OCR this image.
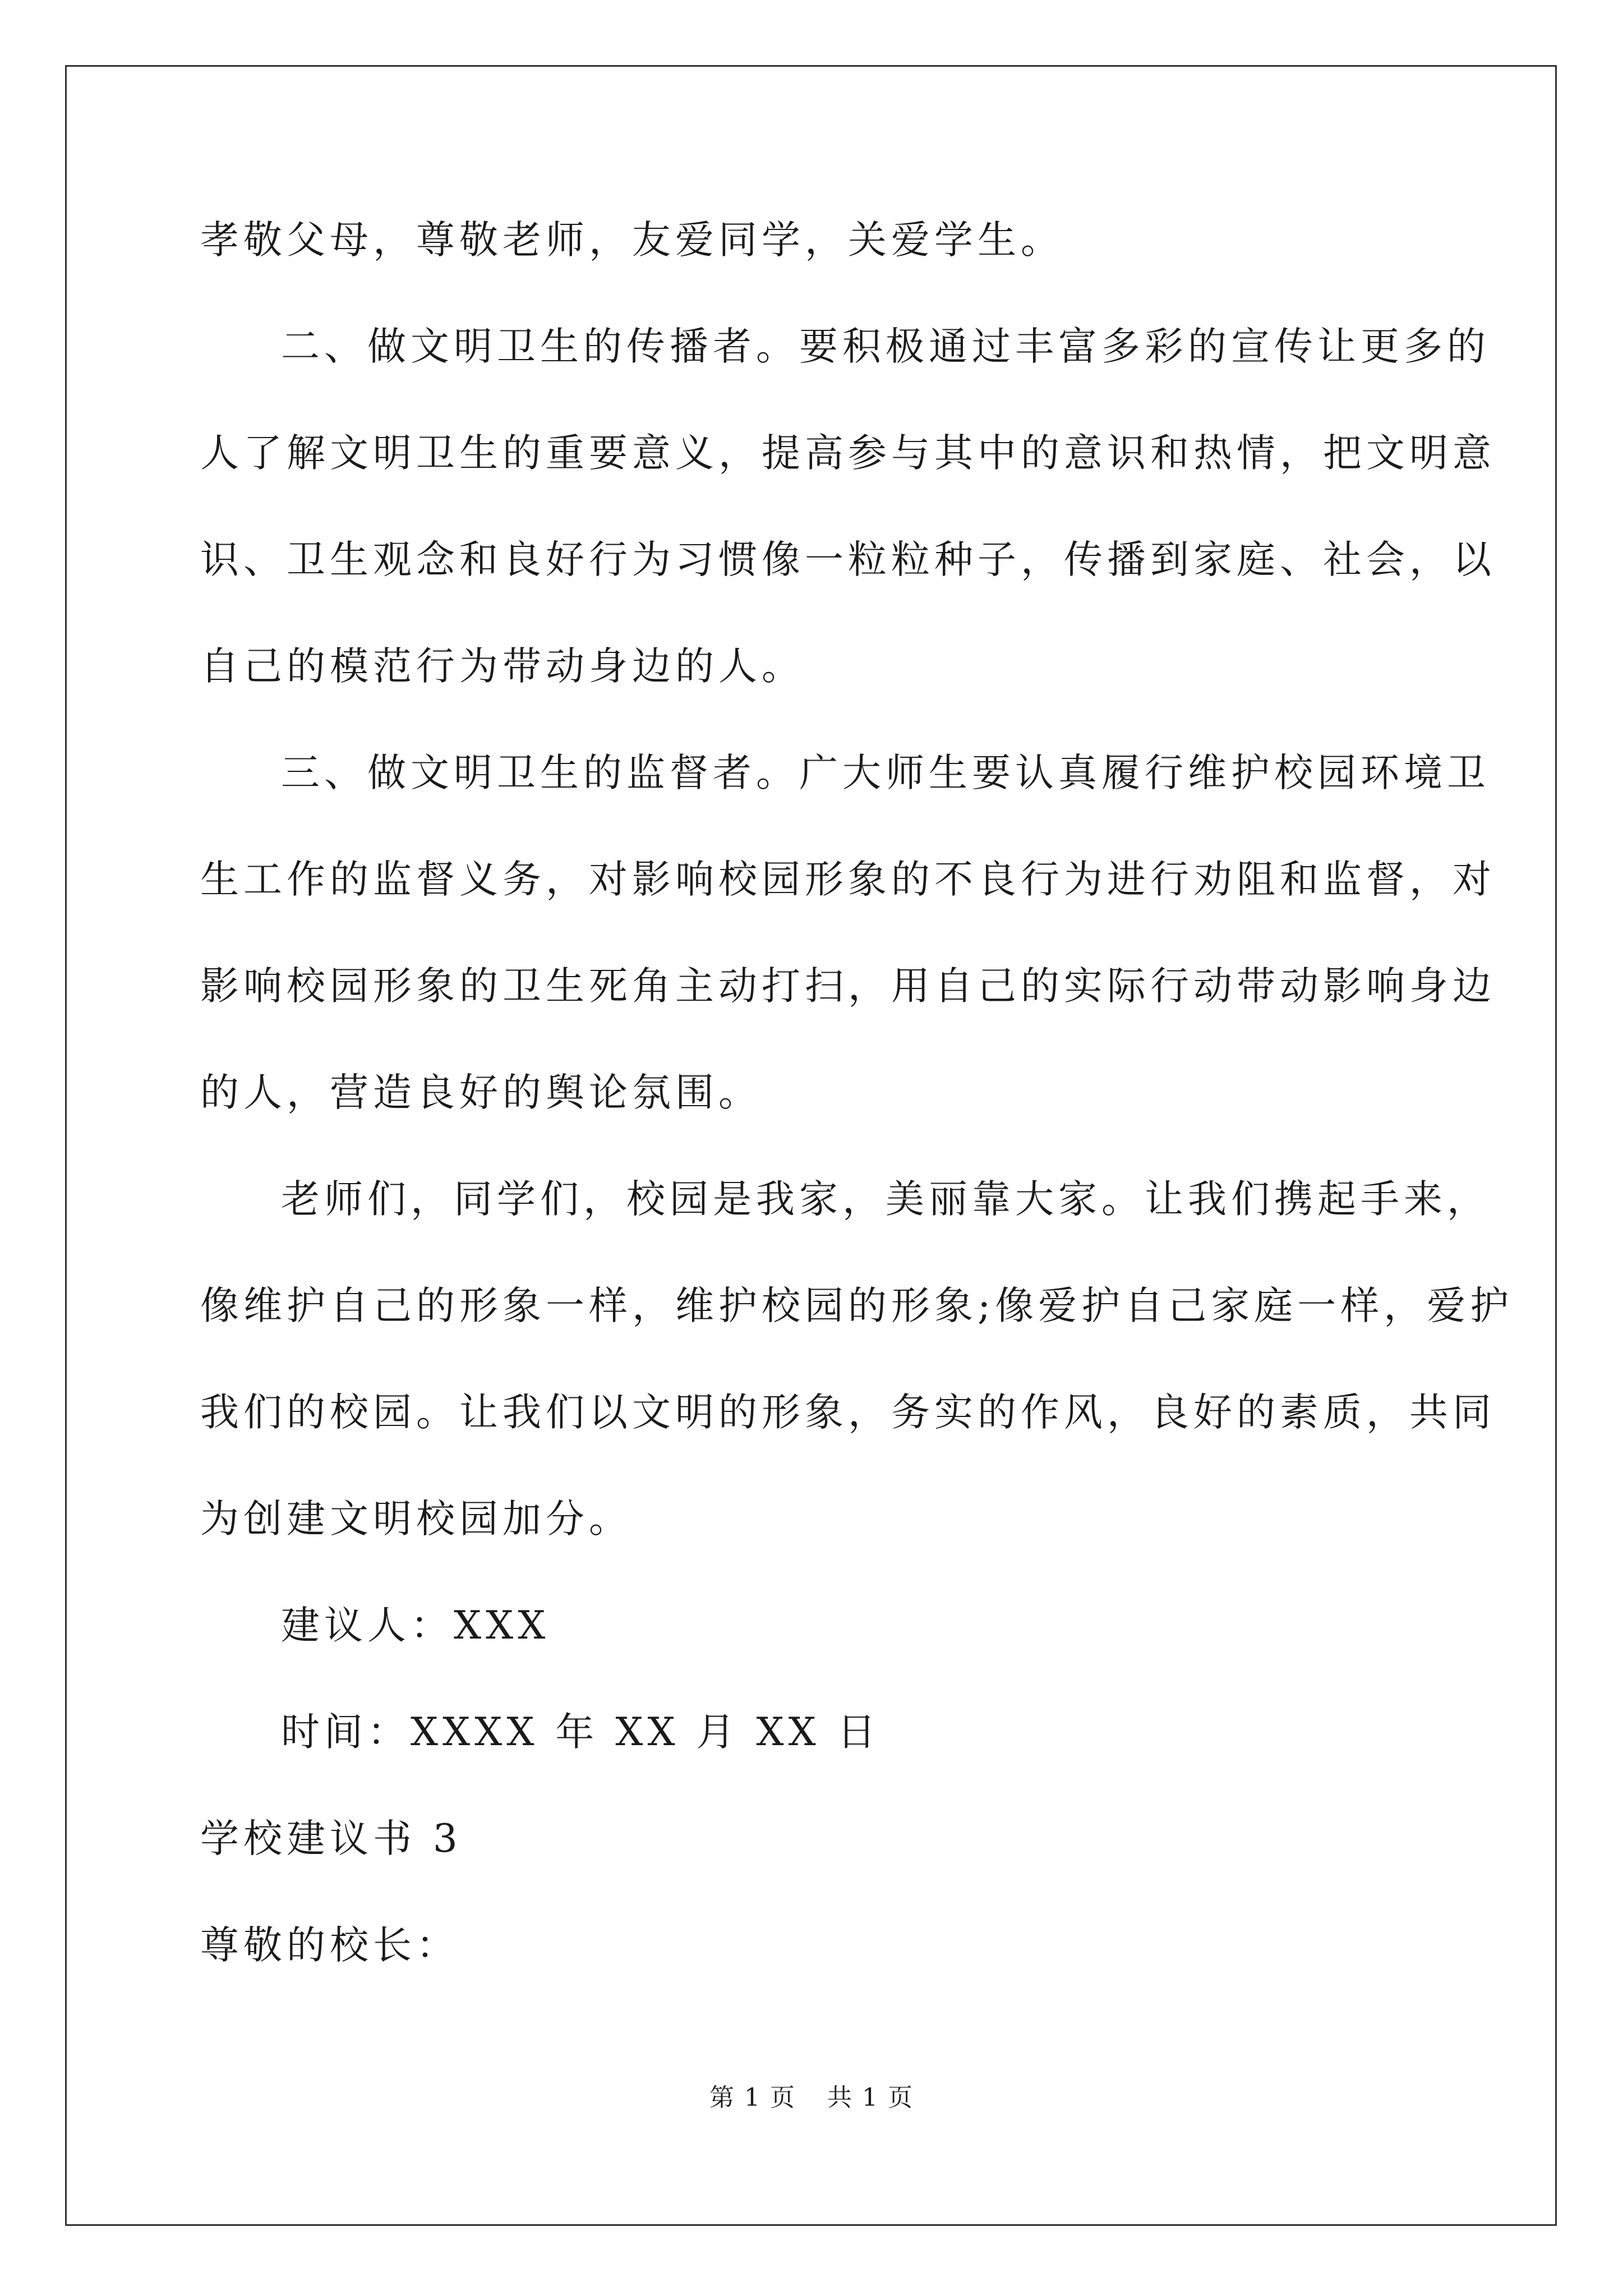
孝敬父母，尊敬老师，友爱同学，关爱学生。
二、做文明卫生的传播者。要积极通过丰富多彩的宣传让更多的
人了解文明卫生的重要意义，提高参与其中的意识和热情，把文明意
识、卫生观念和良好行为习惯像一粒粒种子，传播到家庭、社会，以
自己的模范行为带动身边的人。
三、做文明卫生的监督者。广大师生要认真履行维护校园环境卫
生工作的监督义务，对影响校园形象的不良行为进行劝阻和监督，对
影响校园形象的卫生死角主动打扫，用自己的实际行动带动影响身边
的人，营造良好的舆论氛围。
老师们，同学们，校园是我家，美丽靠大家。让我们携起手来，
像维护自己的形象一样，维护校园的形象;像爱护自己家庭一样，爱护
我们的校园。让我们以文明的形象，务实的作风，良好的素质，共同
为创建文明校园加分。
建议人：XXX
时间：XXXX 年 XX 月 XX 日
学校建议书 3
尊敬的校长：
第 1 页 共 1 页
